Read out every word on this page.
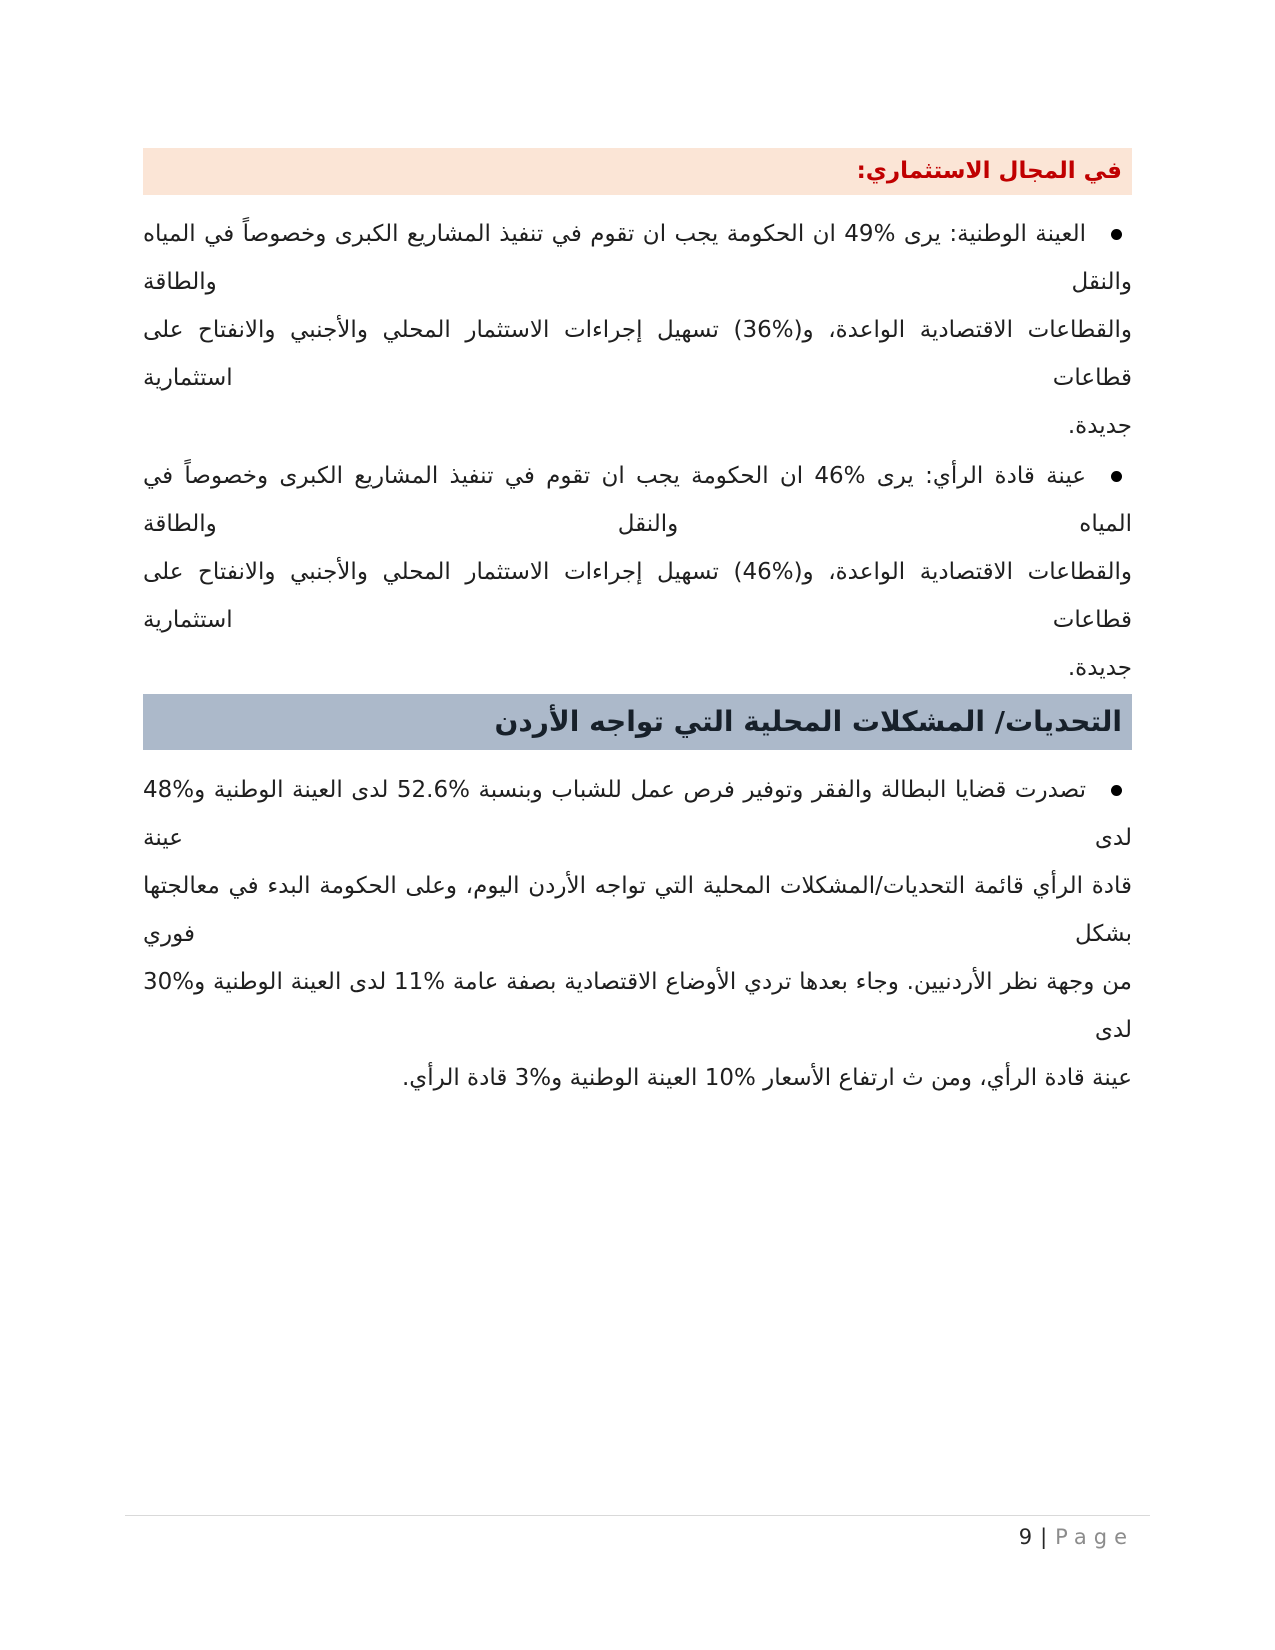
في المجال الاستثماري:
العينة الوطنية: يرى %49 ان الحكومة يجب ان تقوم في تنفيذ المشاريع الكبرى وخصوصاً في المياه والنقل والطاقة
والقطاعات الاقتصادية الواعدة، و(%36) تسهيل إجراءات الاستثمار المحلي والأجنبي والانفتاح على قطاعات استثمارية
جديدة.
عينة قادة الرأي: يرى %46 ان الحكومة يجب ان تقوم في تنفيذ المشاريع الكبرى وخصوصاً في المياه والنقل والطاقة
والقطاعات الاقتصادية الواعدة، و(%46) تسهيل إجراءات الاستثمار المحلي والأجنبي والانفتاح على قطاعات استثمارية
جديدة.
التحديات/ المشكلات المحلية التي تواجه الأردن
تصدرت قضايا البطالة والفقر وتوفير فرص عمل للشباب وبنسبة %52.6 لدى العينة الوطنية و%48 لدى عينة
قادة الرأي قائمة التحديات/المشكلات المحلية التي تواجه الأردن اليوم، وعلى الحكومة البدء في معالجتها بشكل فوري
من وجهة نظر الأردنيين. وجاء بعدها تردي الأوضاع الاقتصادية بصفة عامة %11 لدى العينة الوطنية و%30 لدى
عينة قادة الرأي، ومن ث ارتفاع الأسعار %10 العينة الوطنية و%3 قادة الرأي.
9 | Page
